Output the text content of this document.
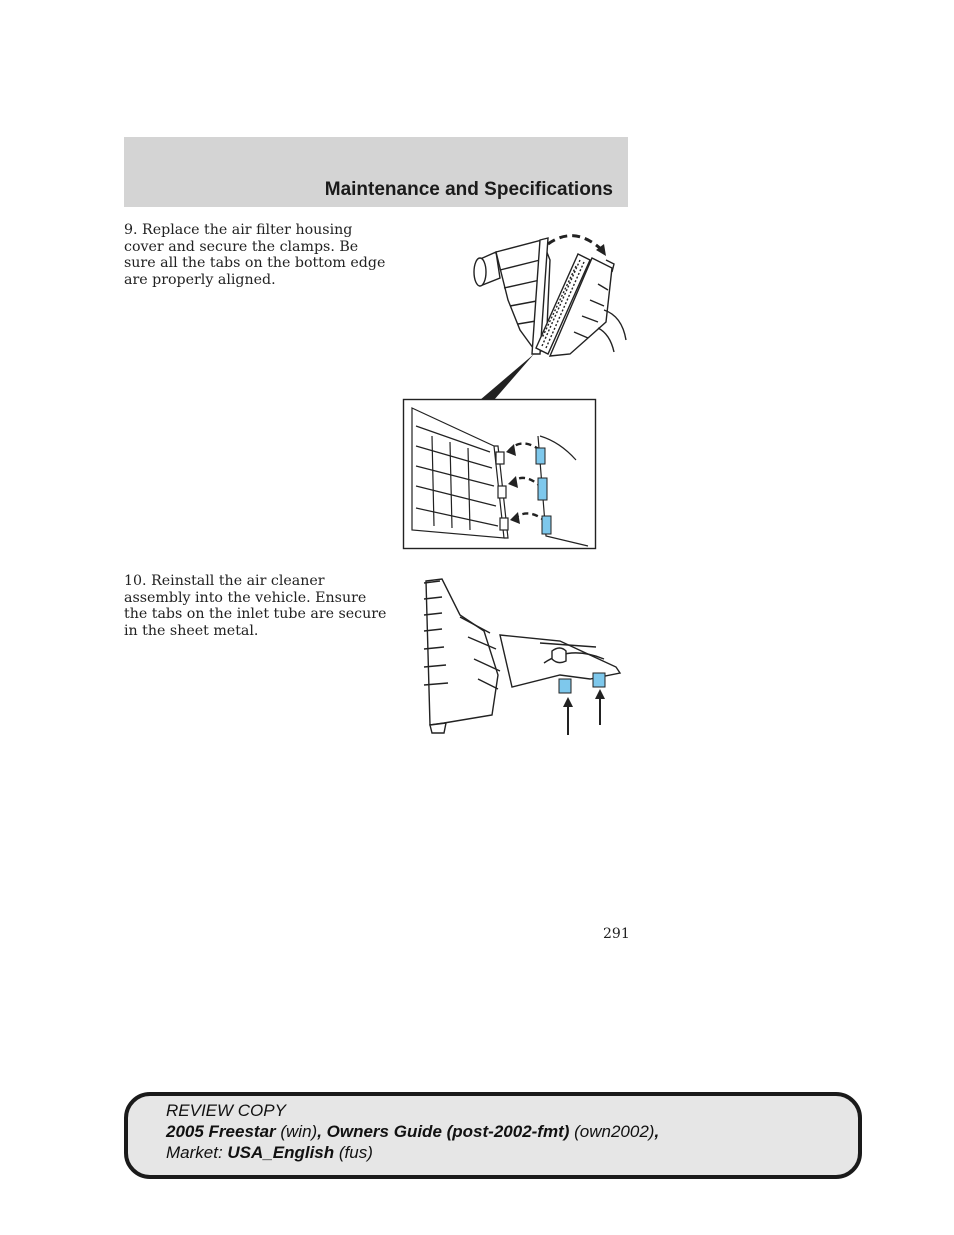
Maintenance and Specifications
9. Replace the air filter housing
cover and secure the clamps. Be
sure all the tabs on the bottom edge
are properly aligned.
10. Reinstall the air cleaner
assembly into the vehicle. Ensure
the tabs on the inlet tube are secure
in the sheet metal.
291
REVIEW COPY
2005 Freestar (win), Owners Guide (post-2002-fmt) (own2002),
Market: USA_English (fus)
